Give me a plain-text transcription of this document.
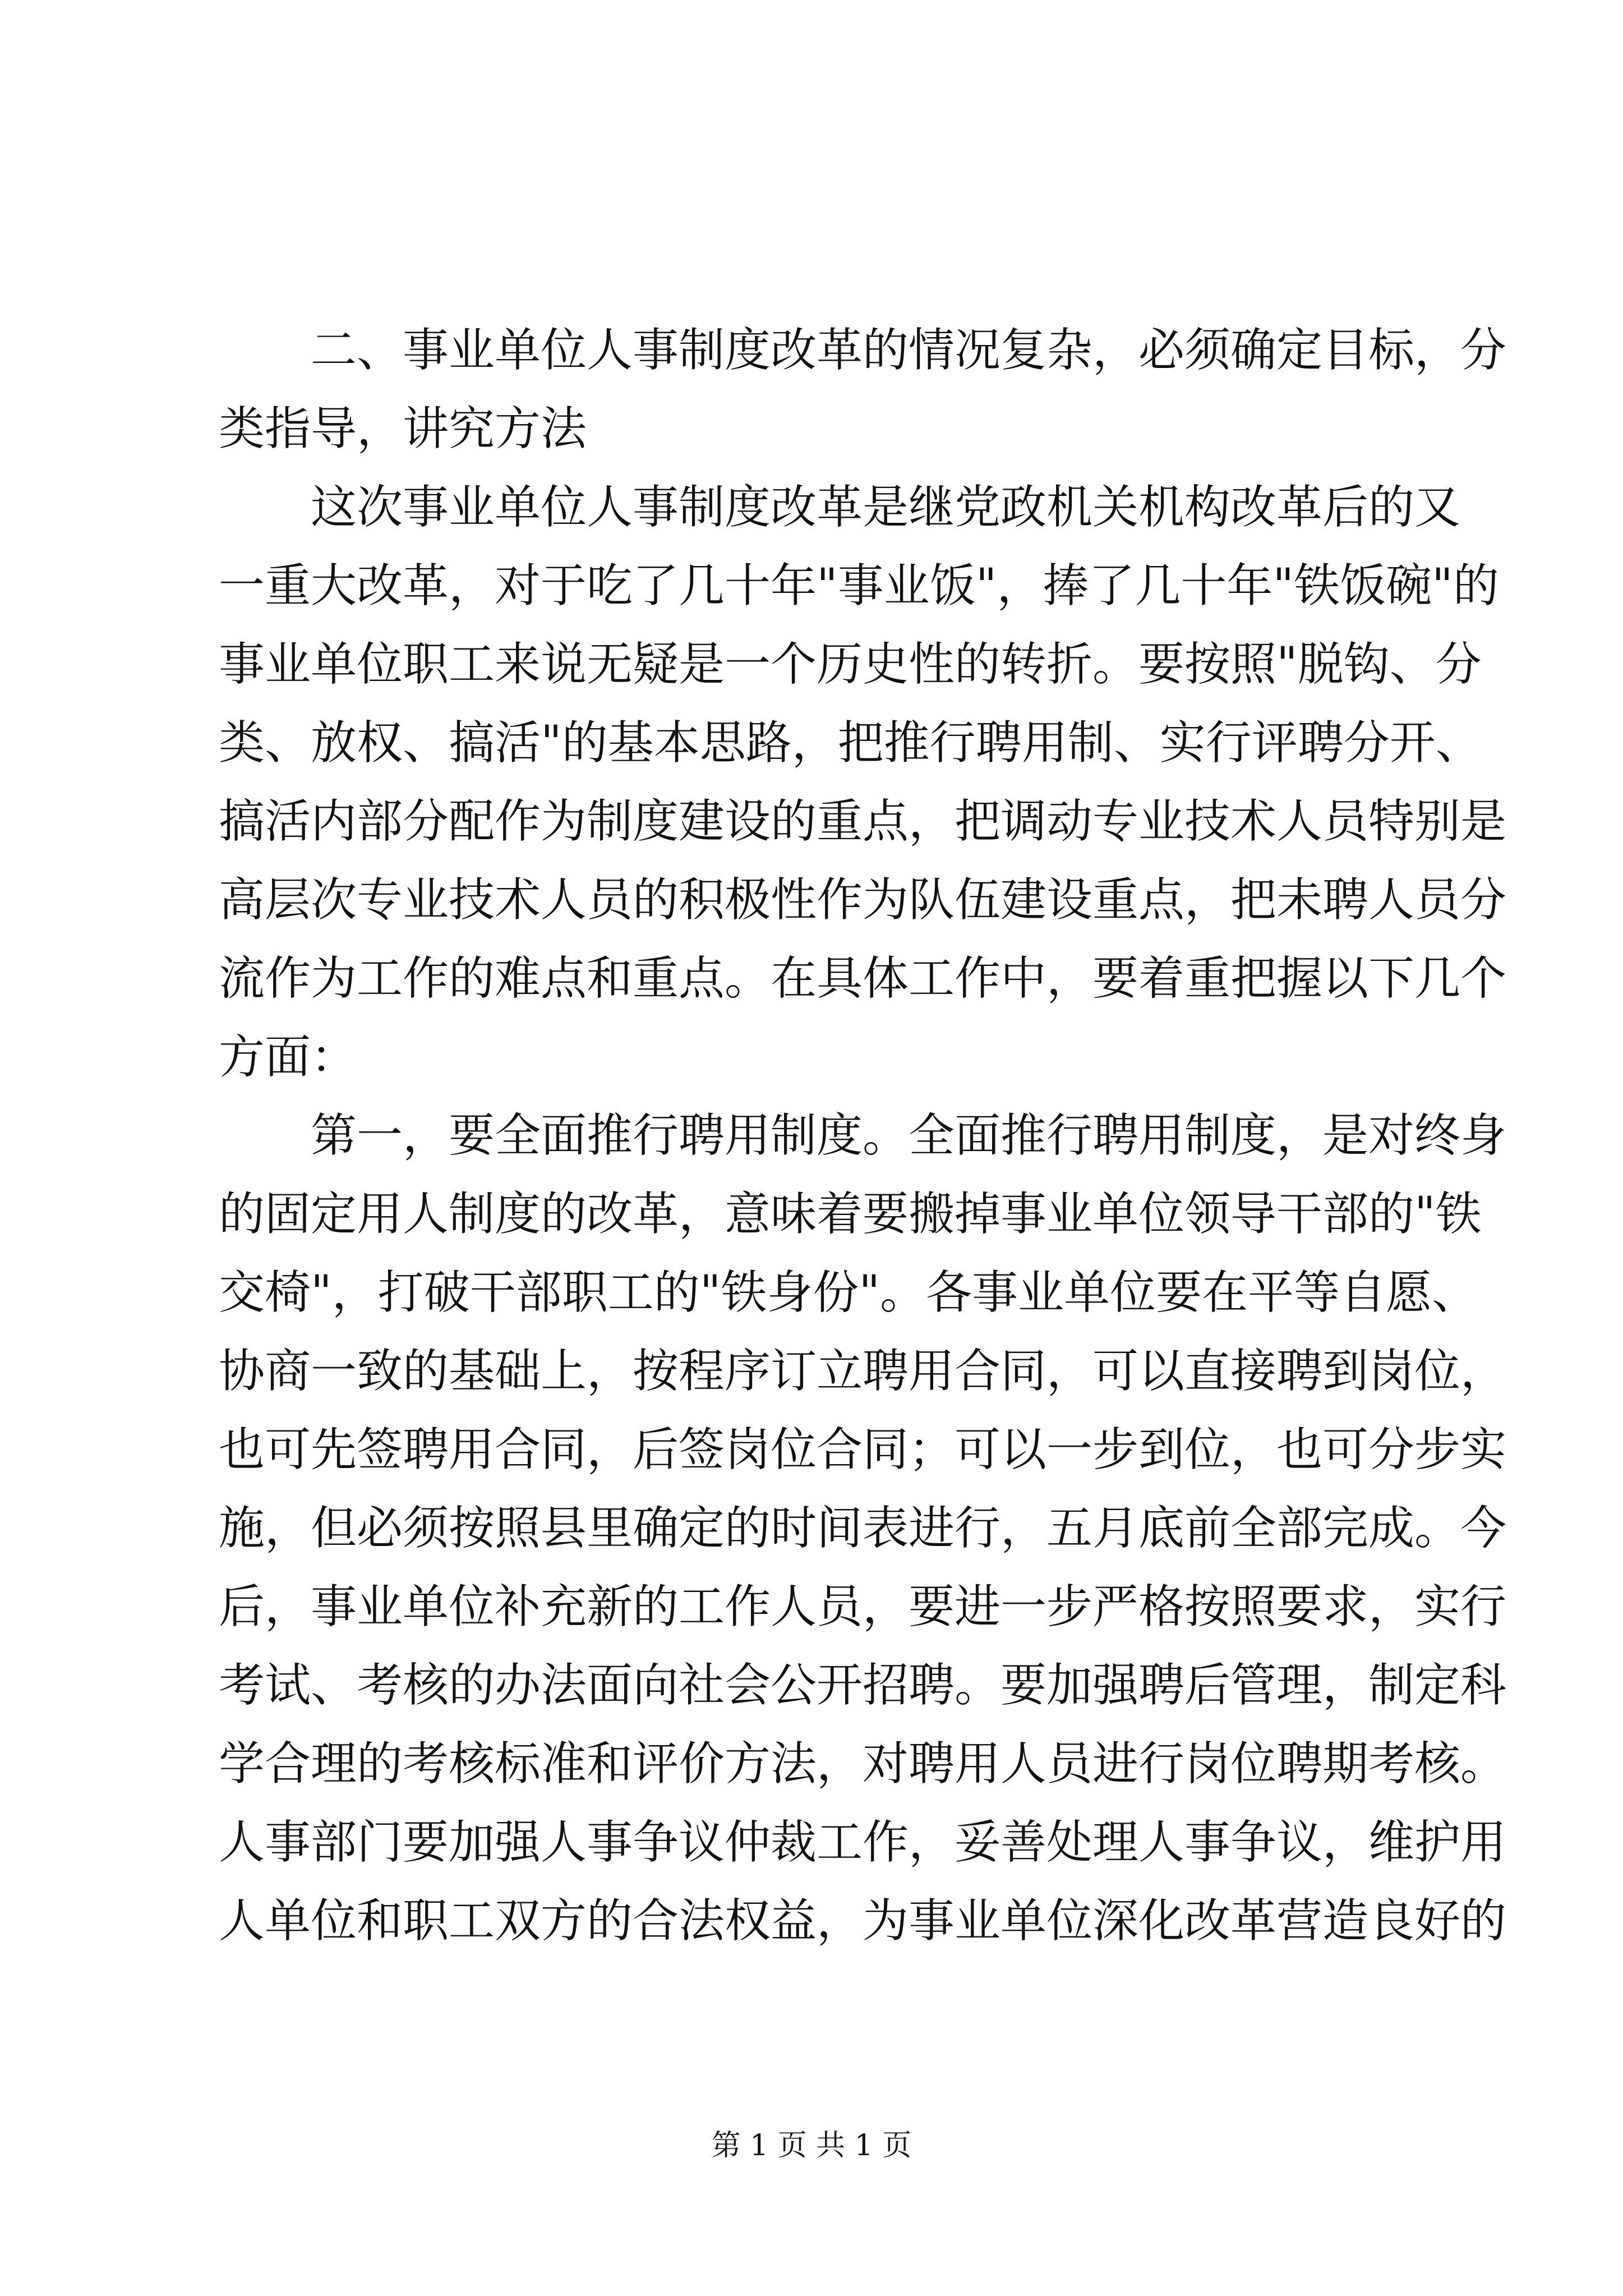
二、事业单位人事制度改革的情况复杂，必须确定目标，分
类指导，讲究方法
这次事业单位人事制度改革是继党政机关机构改革后的又
一重大改革，对于吃了几十年"事业饭"，捧了几十年"铁饭碗"的
事业单位职工来说无疑是一个历史性的转折。要按照"脱钩、分
类、放权、搞活"的基本思路，把推行聘用制、实行评聘分开、
搞活内部分配作为制度建设的重点，把调动专业技术人员特别是
高层次专业技术人员的积极性作为队伍建设重点，把未聘人员分
流作为工作的难点和重点。在具体工作中，要着重把握以下几个
方面：
第一，要全面推行聘用制度。全面推行聘用制度，是对终身
的固定用人制度的改革，意味着要搬掉事业单位领导干部的"铁
交椅"，打破干部职工的"铁身份"。各事业单位要在平等自愿、
协商一致的基础上，按程序订立聘用合同，可以直接聘到岗位，
也可先签聘用合同，后签岗位合同；可以一步到位，也可分步实
施，但必须按照县里确定的时间表进行，五月底前全部完成。今
后，事业单位补充新的工作人员，要进一步严格按照要求，实行
考试、考核的办法面向社会公开招聘。要加强聘后管理，制定科
学合理的考核标准和评价方法，对聘用人员进行岗位聘期考核。
人事部门要加强人事争议仲裁工作，妥善处理人事争议，维护用
人单位和职工双方的合法权益，为事业单位深化改革营造良好的
第 1 页 共 1 页
